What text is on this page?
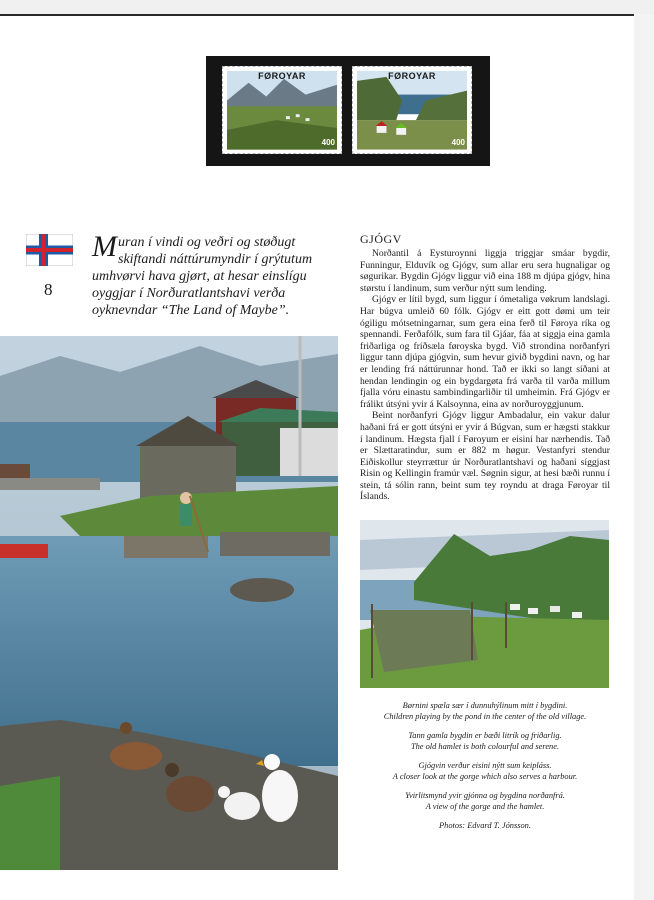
FØROYAR
400
FØROYAR
400
8
Muran í vindi og veðri og støðugt skiftandi náttúrumyndir í grýtutum umhvørvi hava gjørt, at hesar einslígu oyggjar í Norðuratlantshavi verða oyknevndar “The Land of Maybe”.
GJÓGV

Norðantil á Eysturoynni liggja triggjar smáar bygdir, Funningur, Elduvík og Gjógv, sum allar eru sera hugnaligar og søgurikar. Bygdin Gjógv liggur við eina 188 m djúpa gjógv, hina størstu í landinum, sum verður nýtt sum lending.

Gjógv er lítil bygd, sum liggur í ómetaliga vøkrum landslagi. Har búgva umleið 60 fólk. Gjógv er eitt gott dømi um teir ógiligu mótsetningarnar, sum gera eina ferð til Føroya ríka og spennandi. Ferðafólk, sum fara til Gjáar, fáa at siggja eina gamla friðarliga og fríðsæla føroyska bygd. Við strondina norðanfyri liggur tann djúpa gjógvin, sum hevur givið bygdini navn, og har er lending frá náttúrunnar hond. Tað er ikki so langt síðani at hendan lendingin og ein bygdargøta frá varða til varða millum fjalla vóru einastu sambindingarliðir til umheimin. Frá Gjógv er frálikt útsýni yvir á Kalsoynna, eina av norðuroyggjunum.

Beint norðanfyri Gjógv liggur Ambadalur, ein vakur dalur haðani frá er gott útsýni er yvir á Búgvan, sum er hægsti stakkur í landinum. Hægsta fjall í Føroyum er eisini har nærhendis. Tað er Slættaratindur, sum er 882 m høgur. Vestanfyri stendur Eiðiskollur steyrrættur úr Norðuratlantshavi og haðani síggjast Risin og Kellingin framúr væl. Søgnin sigur, at hesi bæði runnu í stein, tá sólin rann, beint sum tey royndu at draga Føroyar til Íslands.

Børnini spæla sær í dunnuhýlinum mitt í bygdini.
Children playing by the pond in the center of the old village.
Tann gamla bygdin er bæði litrík og friðarlig.
The old hamlet is both colourful and serene.
Gjógvin verður eisini nýtt sum keipláss.
A closer look at the gorge which also serves a harbour.
Yvirlitsmynd yvir gjónna og bygdina norðanfrá.
A view of the gorge and the hamlet.
Photos: Edvard T. Jónsson.
